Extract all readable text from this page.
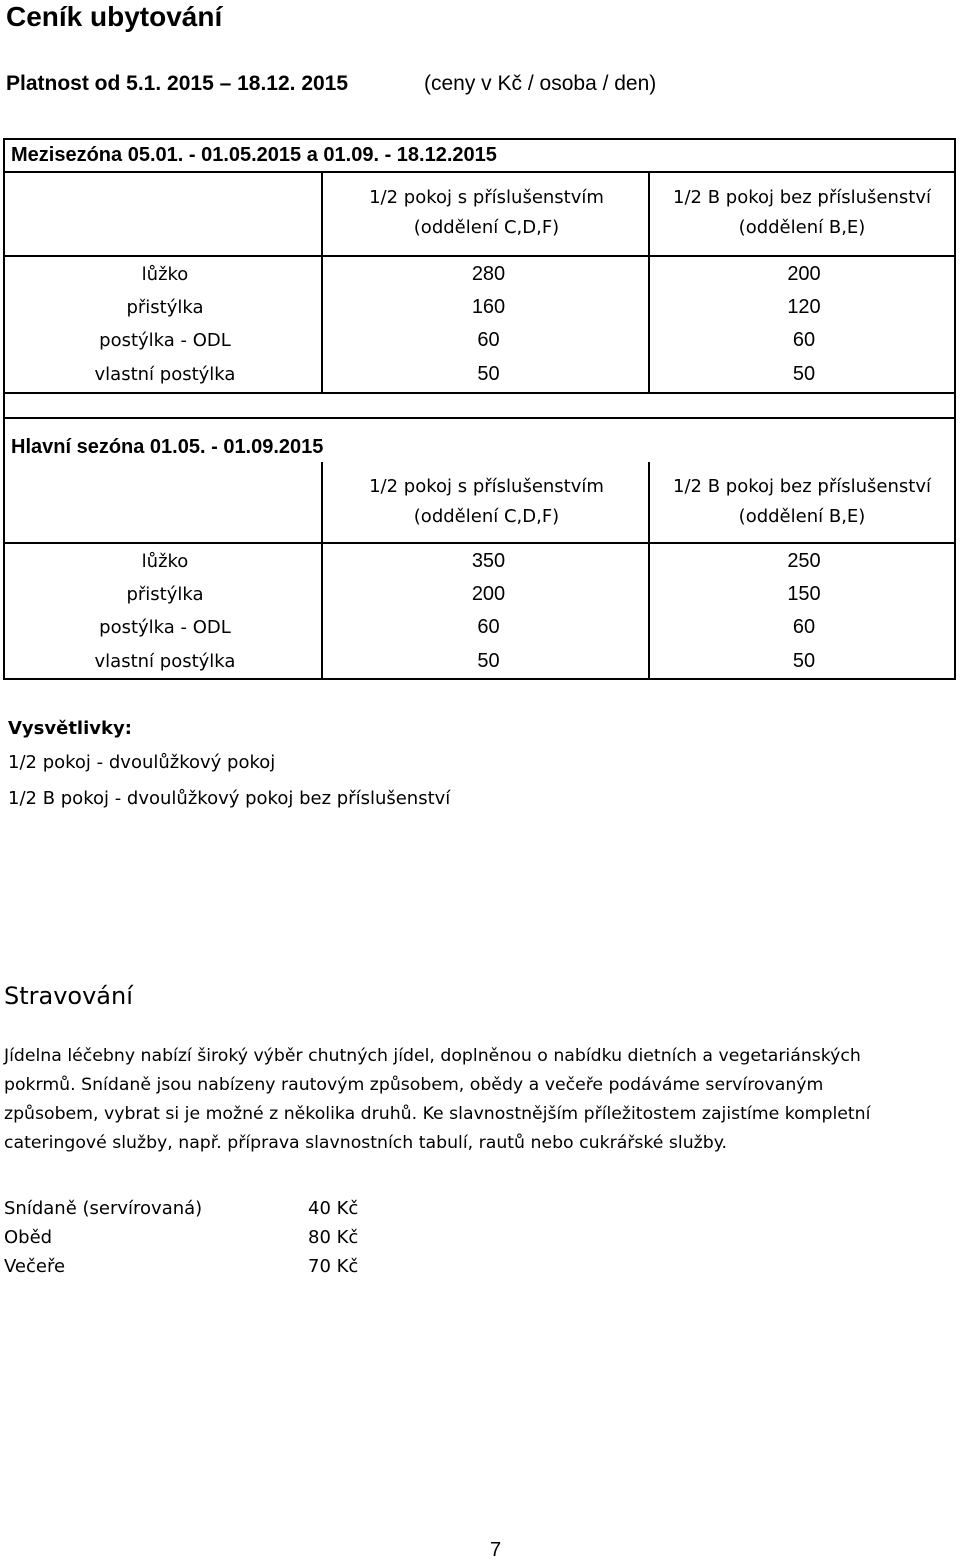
Ceník ubytování
Platnost od 5.1. 2015 – 18.12. 2015	(ceny v Kč / osoba / den)
Mezisezóna 05.01. - 01.05.2015 a 01.09. - 18.12.2015
1/2 pokoj s příslušenstvím
(oddělení C,D,F)
1/2 B pokoj bez příslušenství
(oddělení B,E)
lůžko	280	200
přistýlka	160	120
postýlka - ODL	60	60
vlastní postýlka	50	50
Hlavní sezóna 01.05. - 01.09.2015
1/2 pokoj s příslušenstvím
(oddělení C,D,F)
1/2 B pokoj bez příslušenství
(oddělení B,E)
lůžko	350	250
přistýlka	200	150
postýlka - ODL	60	60
vlastní postýlka	50	50
Vysvětlivky:
1/2 pokoj - dvoulůžkový pokoj
1/2 B pokoj - dvoulůžkový pokoj bez příslušenství
Stravování
Jídelna léčebny nabízí široký výběr chutných jídel, doplněnou o nabídku dietních a vegetariánských
pokrmů. Snídaně jsou nabízeny rautovým způsobem, obědy a večeře podáváme servírovaným
způsobem, vybrat si je možné z několika druhů. Ke slavnostnějším příležitostem zajistíme kompletní
cateringové služby, např. příprava slavnostních tabulí, rautů nebo cukrářské služby.
Snídaně (servírovaná)	40 Kč
Oběd	80 Kč
Večeře	70 Kč
7
